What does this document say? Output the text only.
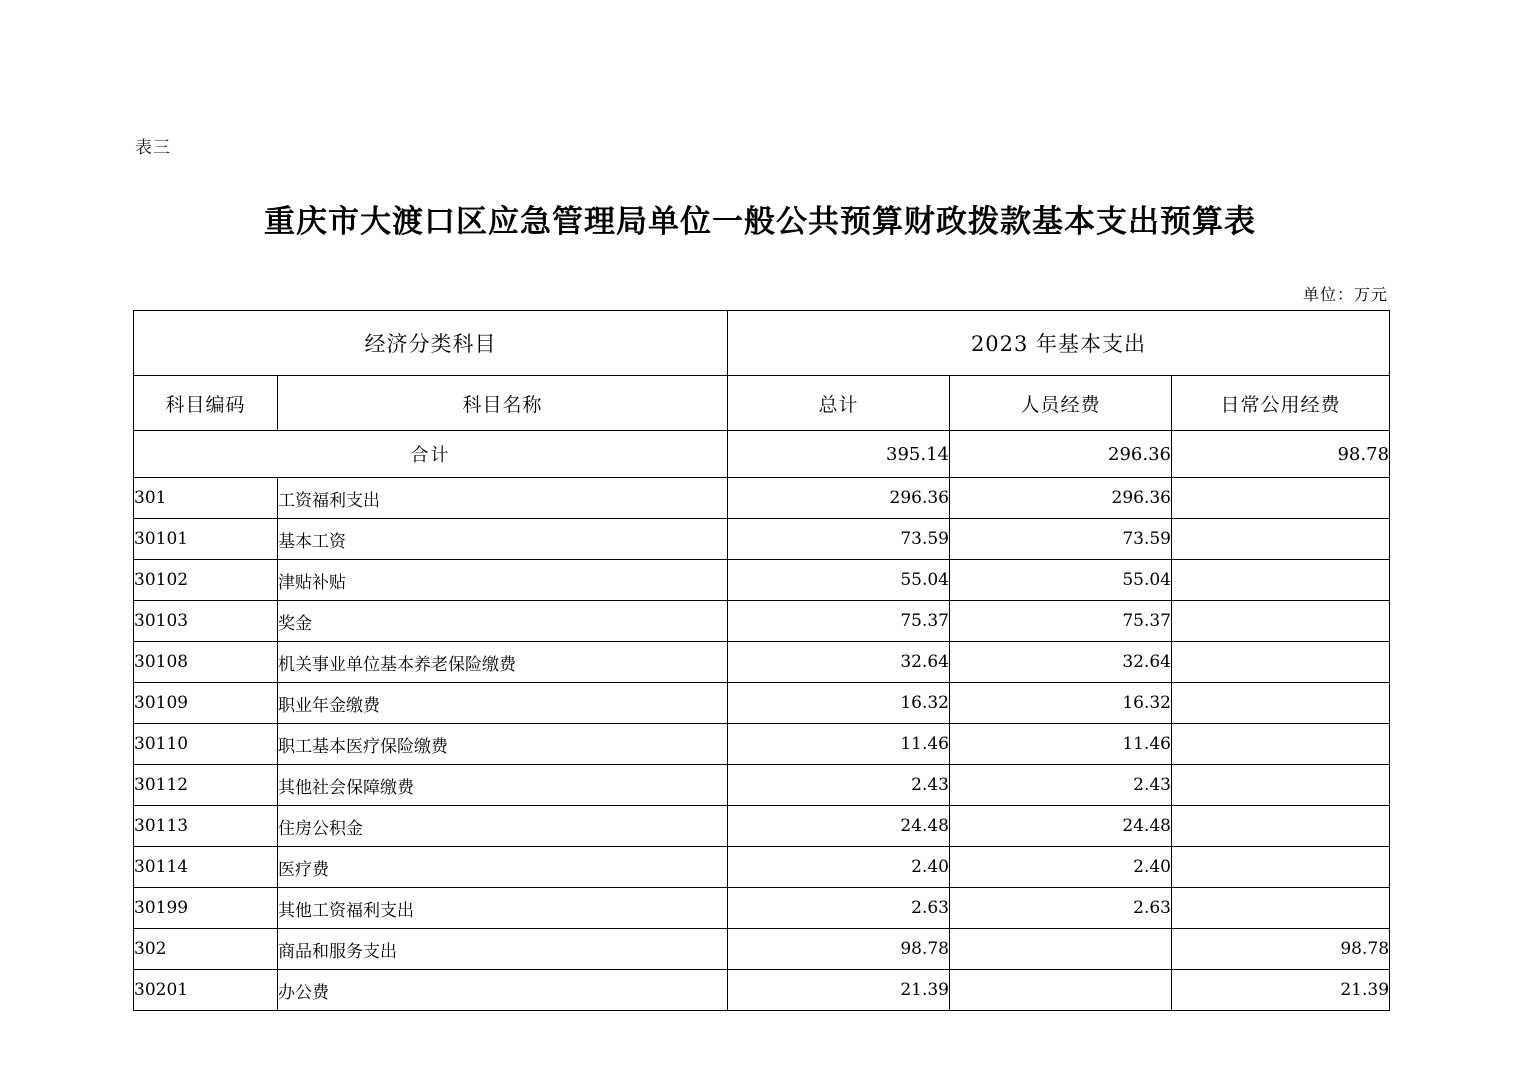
表三
重庆市大渡口区应急管理局单位一般公共预算财政拨款基本支出预算表
单位：万元
经济分类科目		2023 年基本支出		
科目编码	科目名称	总计	人员经费	日常公用经费
合计		395.14	296.36	98.78
301	工资福利支出	296.36	296.36	
30101	基本工资	73.59	73.59	
30102	津贴补贴	55.04	55.04	
30103	奖金	75.37	75.37	
30108	机关事业单位基本养老保险缴费	32.64	32.64	
30109	职业年金缴费	16.32	16.32	
30110	职工基本医疗保险缴费	11.46	11.46	
30112	其他社会保障缴费	2.43	2.43	
30113	住房公积金	24.48	24.48	
30114	医疗费	2.40	2.40	
30199	其他工资福利支出	2.63	2.63	
302	商品和服务支出	98.78		98.78
30201	办公费	21.39		21.39
